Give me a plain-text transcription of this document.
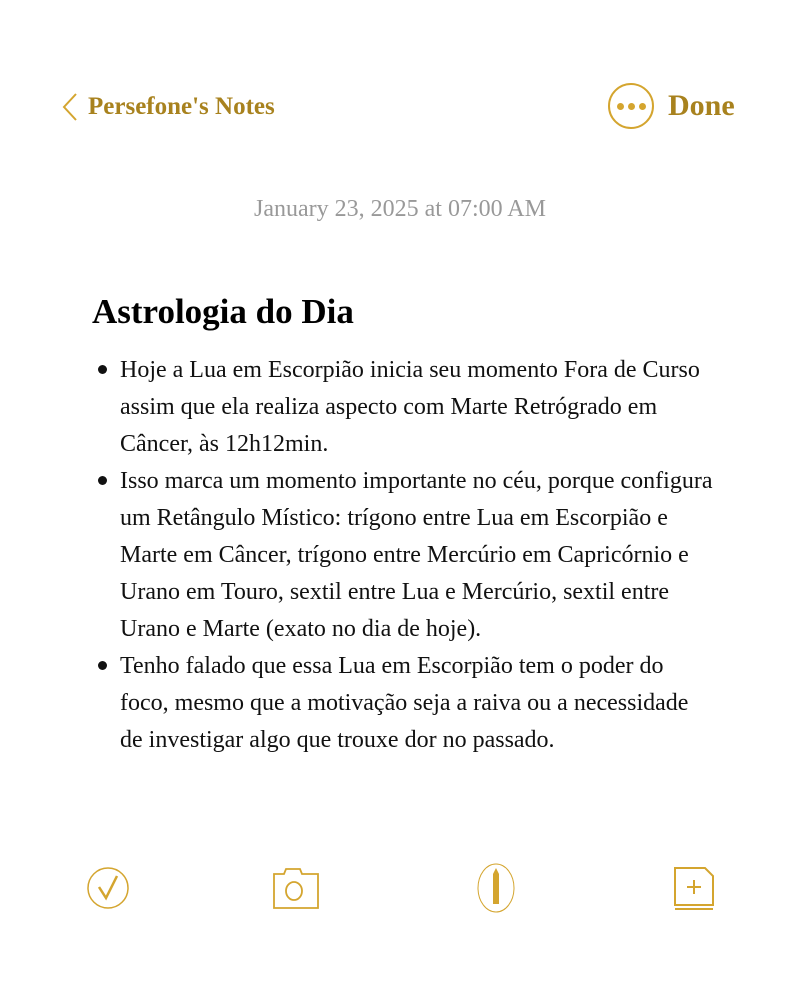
Persefone's Notes	Done
January 23, 2025 at 07:00 AM
Astrologia do Dia
Hoje a Lua em Escorpião inicia seu momento Fora de Curso assim que ela realiza aspecto com Marte Retrógrado em Câncer, às 12h12min.
Isso marca um momento importante no céu, porque configura um Retângulo Místico: trígono entre Lua em Escorpião e Marte em Câncer, trígono entre Mercúrio em Capricórnio e Urano em Touro, sextil entre Lua e Mercúrio, sextil entre Urano e Marte (exato no dia de hoje).
Tenho falado que essa Lua em Escorpião tem o poder do foco, mesmo que a motivação seja a raiva ou a necessidade de investigar algo que trouxe dor no passado.
